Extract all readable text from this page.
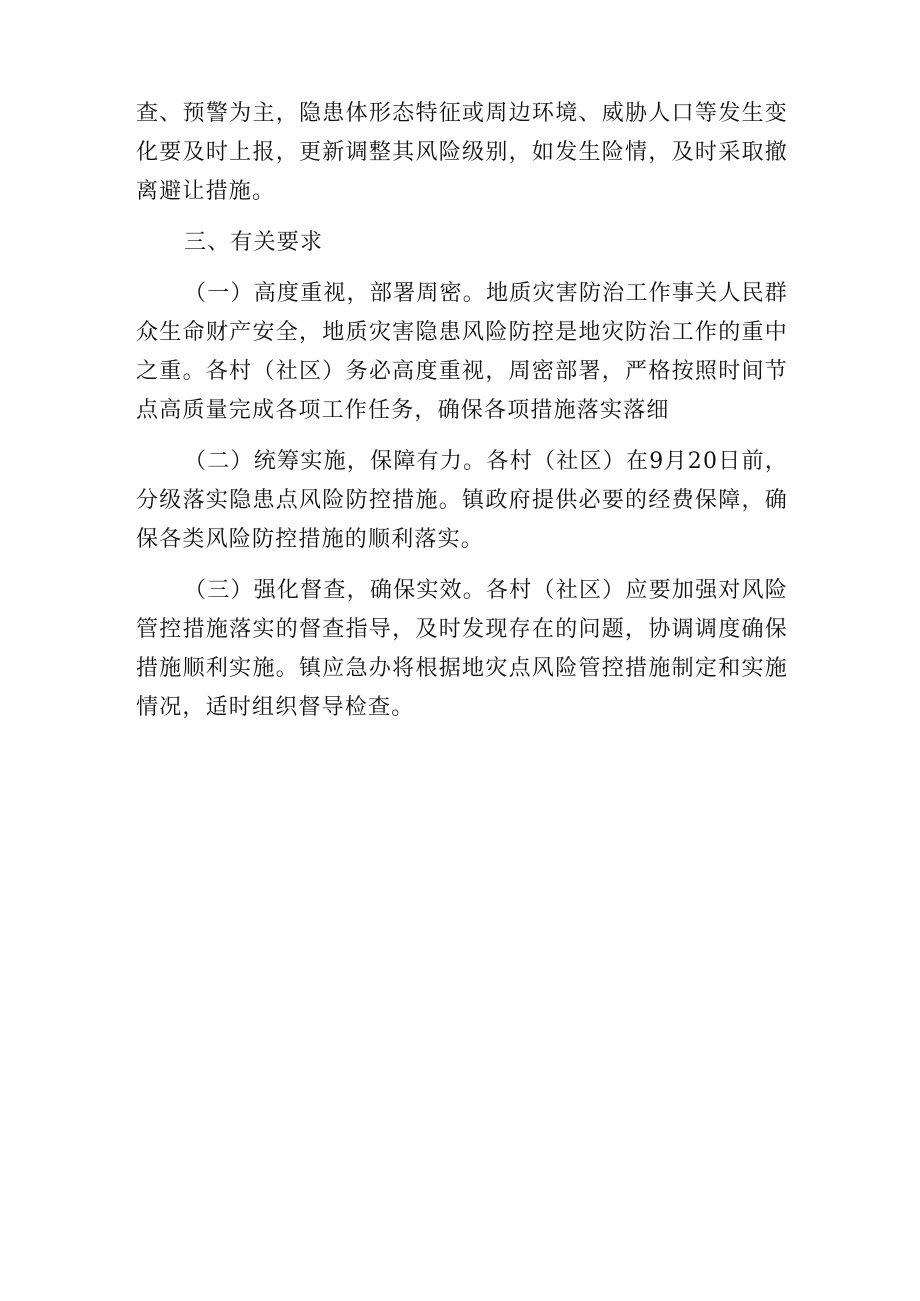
查、预警为主，隐患体形态特征或周边环境、威胁人口等发生变化要及时上报，更新调整其风险级别，如发生险情，及时采取撤离避让措施。

三、有关要求

（一）高度重视，部署周密。地质灾害防治工作事关人民群众生命财产安全，地质灾害隐患风险防控是地灾防治工作的重中之重。各村（社区）务必高度重视，周密部署，严格按照时间节点高质量完成各项工作任务，确保各项措施落实落细

（二）统筹实施，保障有力。各村（社区）在9月20日前，分级落实隐患点风险防控措施。镇政府提供必要的经费保障，确保各类风险防控措施的顺利落实。

（三）强化督查，确保实效。各村（社区）应要加强对风险管控措施落实的督查指导，及时发现存在的问题，协调调度确保措施顺利实施。镇应急办将根据地灾点风险管控措施制定和实施情况，适时组织督导检查。
